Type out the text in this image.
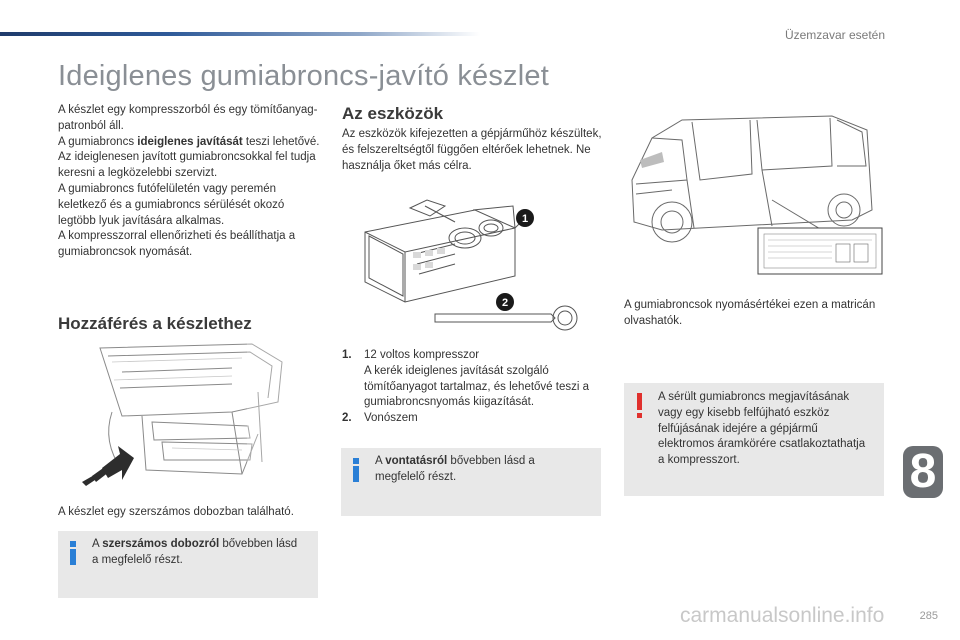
Üzemzavar esetén
Ideiglenes gumiabroncs-javító készlet
A készlet egy kompresszorból és egy tömítőanyag-patronból áll.
A gumiabroncs ideiglenes javítását teszi lehetővé.
Az ideiglenesen javított gumiabroncsokkal fel tudja keresni a legközelebbi szervizt.
A gumiabroncs futófelületén vagy peremén keletkező és a gumiabroncs sérülését okozó legtöbb lyuk javítására alkalmas.
A kompresszorral ellenőrizheti és beállíthatja a gumiabroncsok nyomását.
Hozzáférés a készlethez
A készlet egy szerszámos dobozban található.
A szerszámos dobozról bővebben lásd a megfelelő részt.
Az eszközök
Az eszközök kifejezetten a gépjárműhöz készültek, és felszereltségtől függően eltérőek lehetnek. Ne használja őket más célra.
1
2
1. 12 voltos kompresszor
A kerék ideiglenes javítását szolgáló tömítőanyagot tartalmaz, és lehetővé teszi a gumiabroncsnyomás kiigazítását.
2. Vonószem
A vontatásról bővebben lásd a megfelelő részt.
A gumiabroncsok nyomásértékei ezen a matricán olvashatók.
A sérült gumiabroncs megjavításának vagy egy kisebb felfújható eszköz felfújásának idejére a gépjármű elektromos áramkörére csatlakoztathatja a kompresszort.	8
carmanualsonline.info	285
